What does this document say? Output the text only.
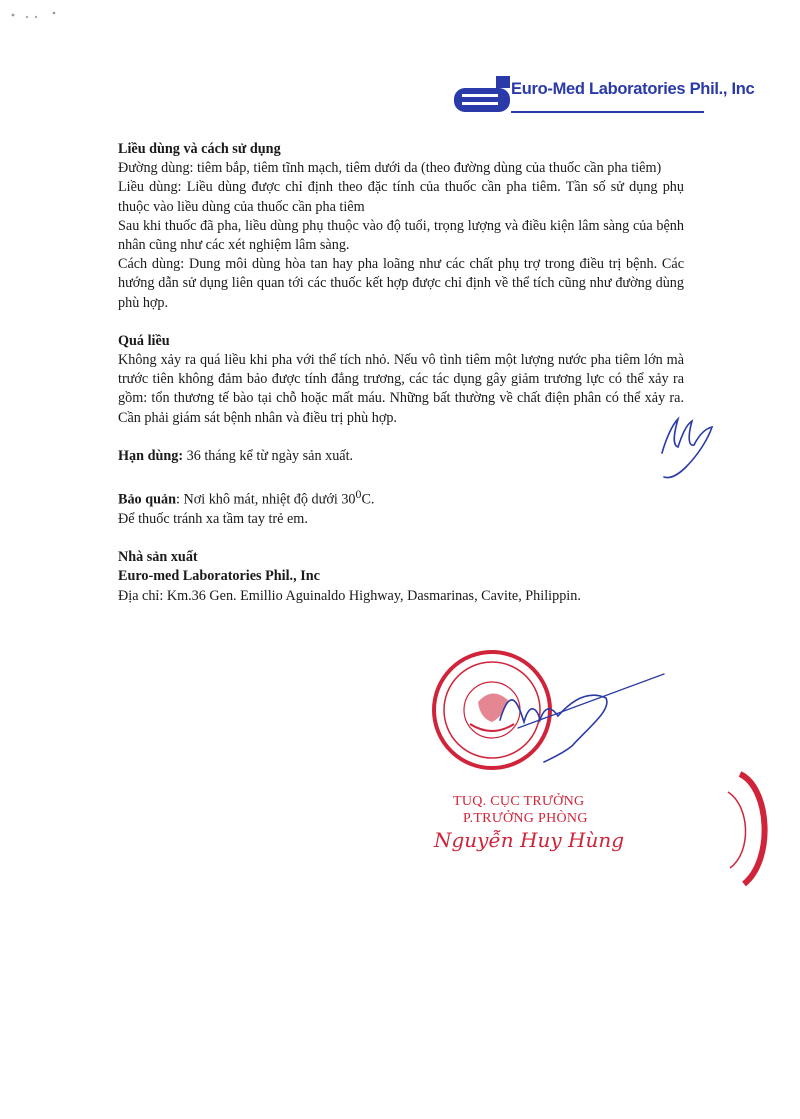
Euro-Med Laboratories Phil., Inc

Liều dùng và cách sử dụng

Đường dùng: tiêm bắp, tiêm tĩnh mạch, tiêm dưới da (theo đường dùng của thuốc cần pha tiêm)

Liều dùng: Liều dùng được chỉ định theo đặc tính của thuốc cần pha tiêm. Tần số sử dụng phụ thuộc vào liều dùng của thuốc cần pha tiêm

Sau khi thuốc đã pha, liều dùng phụ thuộc vào độ tuổi, trọng lượng và điều kiện lâm sàng của bệnh nhân cũng như các xét nghiệm lâm sàng.

Cách dùng: Dung môi dùng hòa tan hay pha loãng như các chất phụ trợ trong điều trị bệnh. Các hướng dẫn sử dụng liên quan tới các thuốc kết hợp được chỉ định về thể tích cũng như đường dùng phù hợp.

Quá liều

Không xảy ra quá liều khi pha với thể tích nhỏ. Nếu vô tình tiêm một lượng nước pha tiêm lớn mà trước tiên không đảm bảo được tính đẳng trương, các tác dụng gây giảm trương lực có thể xảy ra gồm: tổn thương tế bào tại chỗ hoặc mất máu. Những bất thường về chất điện phân có thể xảy ra. Cần phải giám sát bệnh nhân và điều trị phù hợp.

Hạn dùng: 36 tháng kể từ ngày sản xuất.

Bảo quản: Nơi khô mát, nhiệt độ dưới $30^0C$.

Để thuốc tránh xa tầm tay trẻ em.

Nhà sản xuất

Euro-med Laboratories Phil., Inc

Địa chỉ: Km.36 Gen. Emillio Aguinaldo Highway, Dasmarinas, Cavite, Philippin.

TUQ. CỤC TRƯỞNG
P.TRƯỞNG PHÒNG
Nguyễn Huy Hùng
